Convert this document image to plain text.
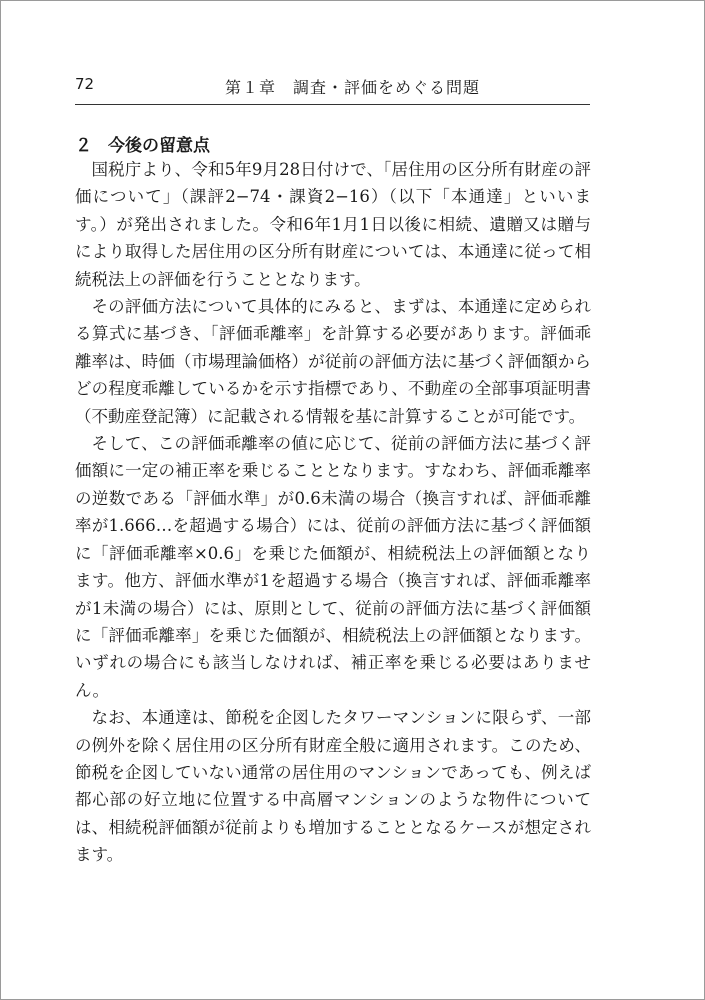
72	第１章　調査・評価をめぐる問題
２ 今後の留意点

国税庁より、令和5年9月28日付けで、「居住用の区分所有財産の評価について」（課評2−74・課資2−16）（以下「本通達」といいます。）が発出されました。令和6年1月1日以後に相続、遺贈又は贈与により取得した居住用の区分所有財産については、本通達に従って相続税法上の評価を行うこととなります。

その評価方法について具体的にみると、まずは、本通達に定められる算式に基づき、「評価乖離率」を計算する必要があります。評価乖離率は、時価（市場理論価格）が従前の評価方法に基づく評価額からどの程度乖離しているかを示す指標であり、不動産の全部事項証明書（不動産登記簿）に記載される情報を基に計算することが可能です。

そして、この評価乖離率の値に応じて、従前の評価方法に基づく評価額に一定の補正率を乗じることとなります。すなわち、評価乖離率の逆数である「評価水準」が0.6未満の場合（換言すれば、評価乖離率が1.666…を超過する場合）には、従前の評価方法に基づく評価額に「評価乖離率×0.6」を乗じた価額が、相続税法上の評価額となります。他方、評価水準が1を超過する場合（換言すれば、評価乖離率が1未満の場合）には、原則として、従前の評価方法に基づく評価額に「評価乖離率」を乗じた価額が、相続税法上の評価額となります。いずれの場合にも該当しなければ、補正率を乗じる必要はありません。

なお、本通達は、節税を企図したタワーマンションに限らず、一部の例外を除く居住用の区分所有財産全般に適用されます。このため、節税を企図していない通常の居住用のマンションであっても、例えば都心部の好立地に位置する中高層マンションのような物件については、相続税評価額が従前よりも増加することとなるケースが想定されます。
